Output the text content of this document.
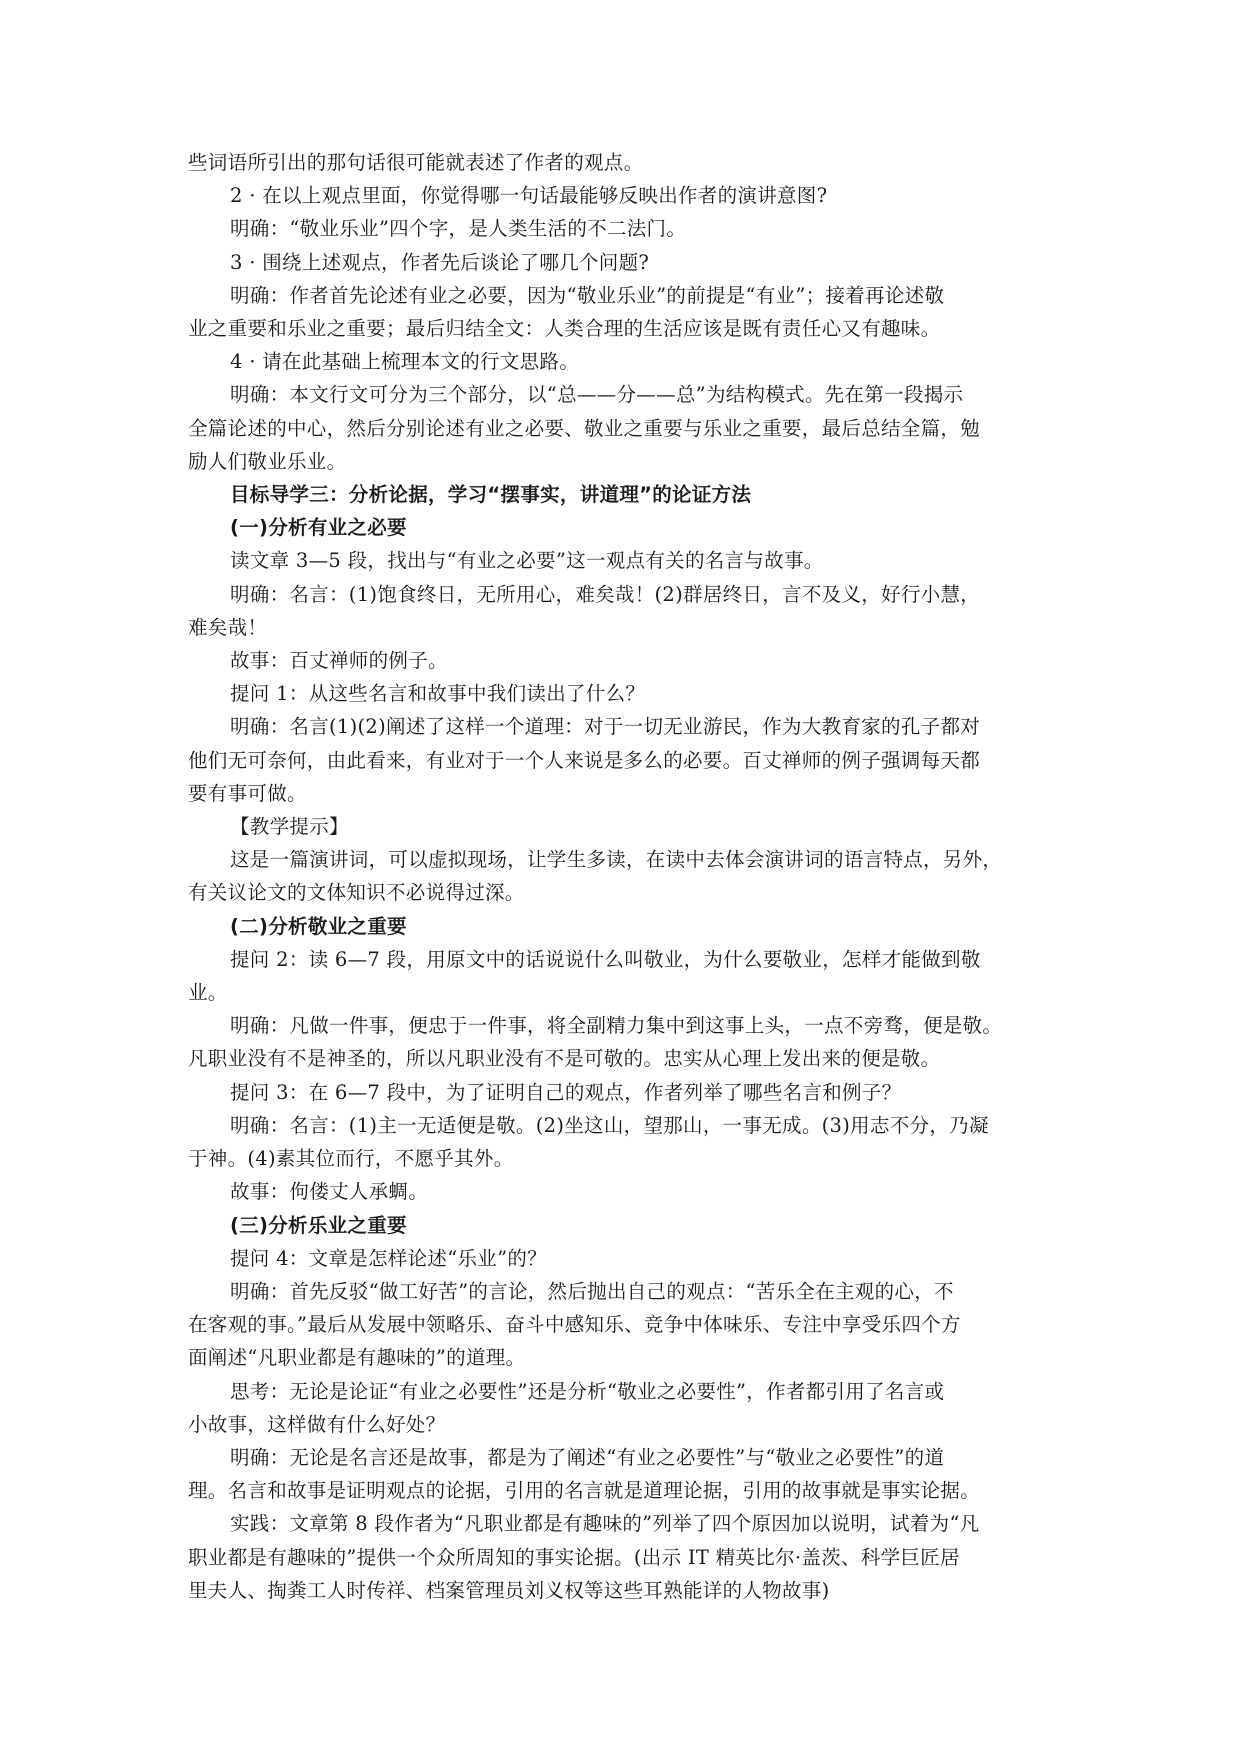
些词语所引出的那句话很可能就表述了作者的观点。
2 · 在以上观点里面，你觉得哪一句话最能够反映出作者的演讲意图?
明确：“敬业乐业”四个字，是人类生活的不二法门。
3 · 围绕上述观点，作者先后谈论了哪几个问题?
明确：作者首先论述有业之必要，因为“敬业乐业”的前提是“有业”；接着再论述敬
业之重要和乐业之重要；最后归结全文：人类合理的生活应该是既有责任心又有趣味。
4 · 请在此基础上梳理本文的行文思路。
明确：本文行文可分为三个部分，以“总——分——总”为结构模式。先在第一段揭示
全篇论述的中心，然后分别论述有业之必要、敬业之重要与乐业之重要，最后总结全篇，勉
励人们敬业乐业。
目标导学三：分析论据，学习“摆事实，讲道理”的论证方法
(一)分析有业之必要
读文章 3—5 段，找出与“有业之必要”这一观点有关的名言与故事。
明确：名言：(1)饱食终日，无所用心，难矣哉！(2)群居终日，言不及义，好行小慧，
难矣哉！
故事：百丈禅师的例子。
提问 1：从这些名言和故事中我们读出了什么？
明确：名言(1)(2)阐述了这样一个道理：对于一切无业游民，作为大教育家的孔子都对
他们无可奈何，由此看来，有业对于一个人来说是多么的必要。百丈禅师的例子强调每天都
要有事可做。
【教学提示】
这是一篇演讲词，可以虚拟现场，让学生多读，在读中去体会演讲词的语言特点，另外，
有关议论文的文体知识不必说得过深。
(二)分析敬业之重要
提问 2：读 6—7 段，用原文中的话说说什么叫敬业，为什么要敬业，怎样才能做到敬
业。
明确：凡做一件事，便忠于一件事，将全副精力集中到这事上头，一点不旁骛，便是敬。
凡职业没有不是神圣的，所以凡职业没有不是可敬的。忠实从心理上发出来的便是敬。
提问 3：在 6—7 段中，为了证明自己的观点，作者列举了哪些名言和例子？
明确：名言：(1)主一无适便是敬。(2)坐这山，望那山，一事无成。(3)用志不分，乃凝
于神。(4)素其位而行，不愿乎其外。
故事：佝偻丈人承蜩。
(三)分析乐业之重要
提问 4：文章是怎样论述“乐业”的？
明确：首先反驳“做工好苦”的言论，然后抛出自己的观点：“苦乐全在主观的心，不
在客观的事。”最后从发展中领略乐、奋斗中感知乐、竞争中体味乐、专注中享受乐四个方
面阐述“凡职业都是有趣味的”的道理。
思考：无论是论证“有业之必要性”还是分析“敬业之必要性”，作者都引用了名言或
小故事，这样做有什么好处？
明确：无论是名言还是故事，都是为了阐述“有业之必要性”与“敬业之必要性”的道
理。名言和故事是证明观点的论据，引用的名言就是道理论据，引用的故事就是事实论据。
实践：文章第 8 段作者为“凡职业都是有趣味的”列举了四个原因加以说明，试着为“凡
职业都是有趣味的”提供一个众所周知的事实论据。(出示 IT 精英比尔·盖茨、科学巨匠居
里夫人、掏粪工人时传祥、档案管理员刘义权等这些耳熟能详的人物故事)
